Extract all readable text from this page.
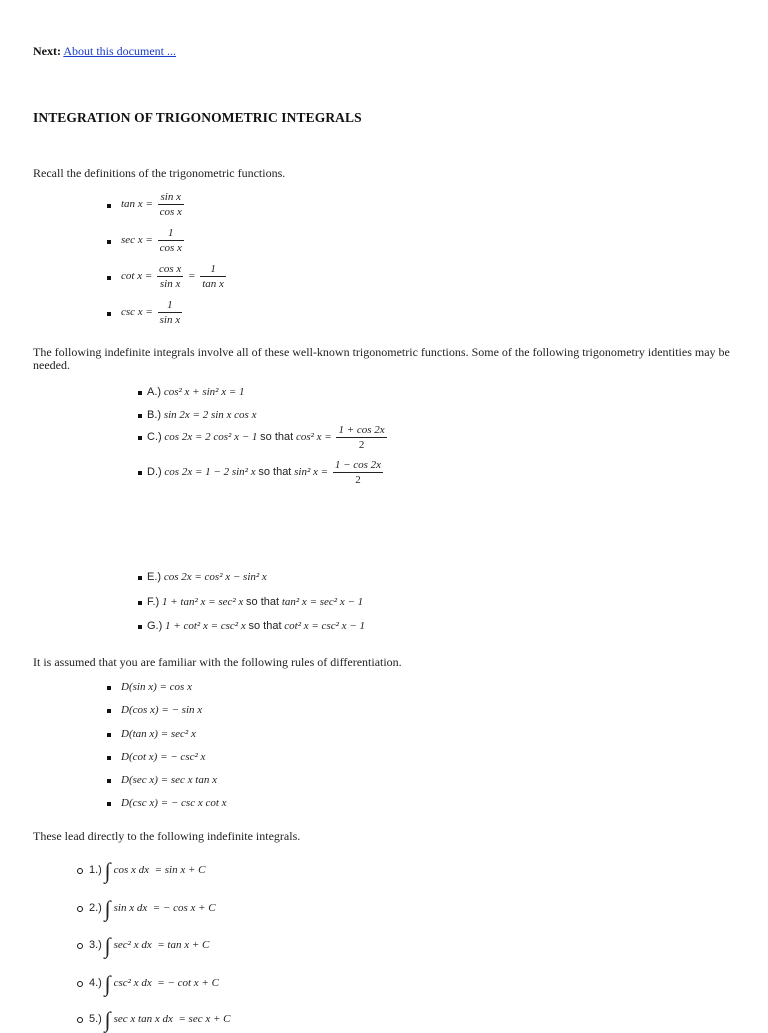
Next: About this document ...
INTEGRATION OF TRIGONOMETRIC INTEGRALS
Recall the definitions of the trigonometric functions.
$\tan x = \frac{\text{sin x}}{\text{cos x}}$
$\sec x = \frac{1}{\text{cos x}}$
$\cot x = \frac{\text{cos x}}{\text{sin x}} = \frac{1}{\text{tan x}}$
$\csc x = \frac{1}{\text{sin x}}$
The following indefinite integrals involve all of these well-known trigonometric functions. Some of the following trigonometry identities may be needed.
A.) cos² x + sin² x = 1
B.) sin 2x = 2 sin x cos x
C.) cos 2x = 2 cos² x − 1 so that cos² $x = \frac{1 + \cos 2x}{2}$
D.) cos 2x = 1 − 2 sin² x so that sin² $x = \frac{1 - \cos 2x}{2}$
E.) cos 2x = cos² x − sin² x
F.) 1 + tan² x = sec² x so that tan² x = sec² x − 1
G.) 1 + cot² x = csc² x so that cot² x = csc² x − 1
It is assumed that you are familiar with the following rules of differentiation.
D(sin x) = cos x
D(cos x) = − sin x
D(tan x) = sec² x
D(cot x) = − csc² x
D(sec x) = sec x tan x
D(csc x) = − csc x cot x
These lead directly to the following indefinite integrals.
1.) ∫ cos x dx = sin x + C
2.) ∫ sin x dx = − cos x + C
3.) ∫ sec² x dx = tan x + C
4.) ∫ csc² x dx = − cot x + C
5.) ∫ sec x tan x dx = sec x + C
